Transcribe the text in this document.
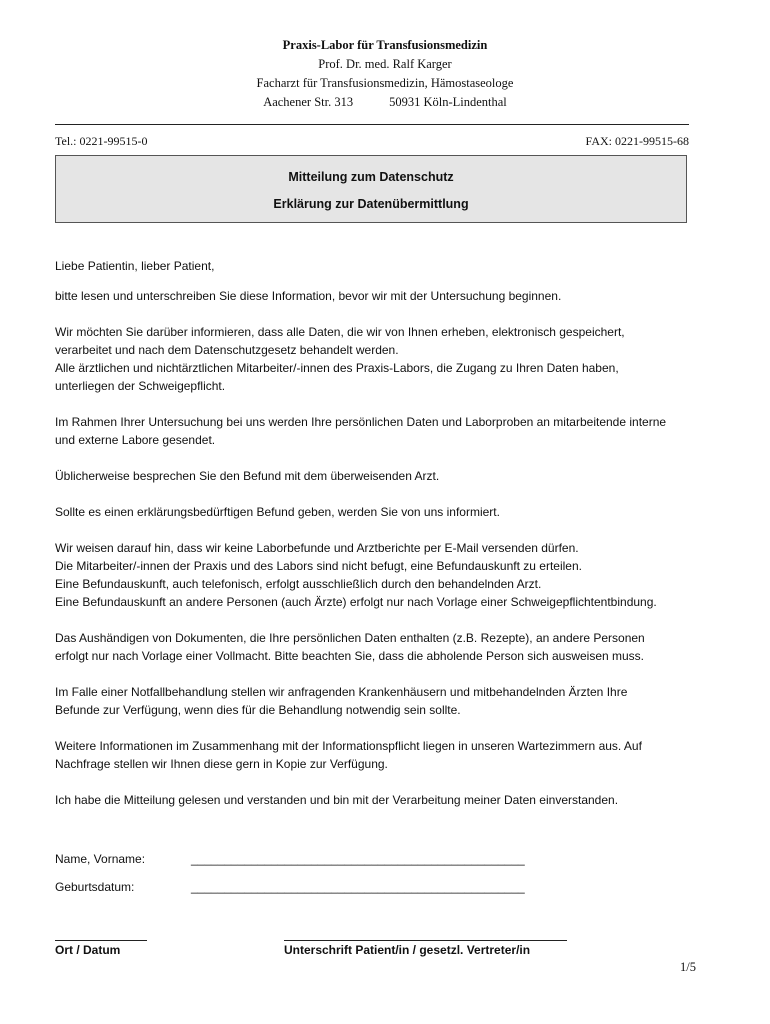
Praxis-Labor für Transfusionsmedizin
Prof. Dr. med. Ralf Karger
Facharzt für Transfusionsmedizin, Hämostaseologe
Aachener Str. 313	50931 Köln-Lindenthal
Tel.: 0221-99515-0	FAX: 0221-99515-68
Mitteilung zum Datenschutz
Erklärung zur Datenübermittlung

Liebe Patientin, lieber Patient,

bitte lesen und unterschreiben Sie diese Information, bevor wir mit der Untersuchung beginnen.

Wir möchten Sie darüber informieren, dass alle Daten, die wir von Ihnen erheben, elektronisch gespeichert,
verarbeitet und nach dem Datenschutzgesetz behandelt werden.
Alle ärztlichen und nichtärztlichen Mitarbeiter/-innen des Praxis-Labors, die Zugang zu Ihren Daten haben,
unterliegen der Schweigepflicht.

Im Rahmen Ihrer Untersuchung bei uns werden Ihre persönlichen Daten und Laborproben an mitarbeitende interne
und externe Labore gesendet.

Üblicherweise besprechen Sie den Befund mit dem überweisenden Arzt.

Sollte es einen erklärungsbedürftigen Befund geben, werden Sie von uns informiert.

Wir weisen darauf hin, dass wir keine Laborbefunde und Arztberichte per E-Mail versenden dürfen.
Die Mitarbeiter/-innen der Praxis und des Labors sind nicht befugt, eine Befundauskunft zu erteilen.
Eine Befundauskunft, auch telefonisch, erfolgt ausschließlich durch den behandelnden Arzt.
Eine Befundauskunft an andere Personen (auch Ärzte) erfolgt nur nach Vorlage einer Schweigepflichtentbindung.

Das Aushändigen von Dokumenten, die Ihre persönlichen Daten enthalten (z.B. Rezepte), an andere Personen
erfolgt nur nach Vorlage einer Vollmacht. Bitte beachten Sie, dass die abholende Person sich ausweisen muss.

Im Falle einer Notfallbehandlung stellen wir anfragenden Krankenhäusern und mitbehandelnden Ärzten Ihre
Befunde zur Verfügung, wenn dies für die Behandlung notwendig sein sollte.

Weitere Informationen im Zusammenhang mit der Informationspflicht liegen in unseren Wartezimmern aus. Auf
Nachfrage stellen wir Ihnen diese gern in Kopie zur Verfügung.

Ich habe die Mitteilung gelesen und verstanden und bin mit der Verarbeitung meiner Daten einverstanden.

Name, Vorname:	__________________________________________________
Geburtsdatum:	__________________________________________________
Ort / Datum	Unterschrift Patient/in / gesetzl. Vertreter/in
1/5
